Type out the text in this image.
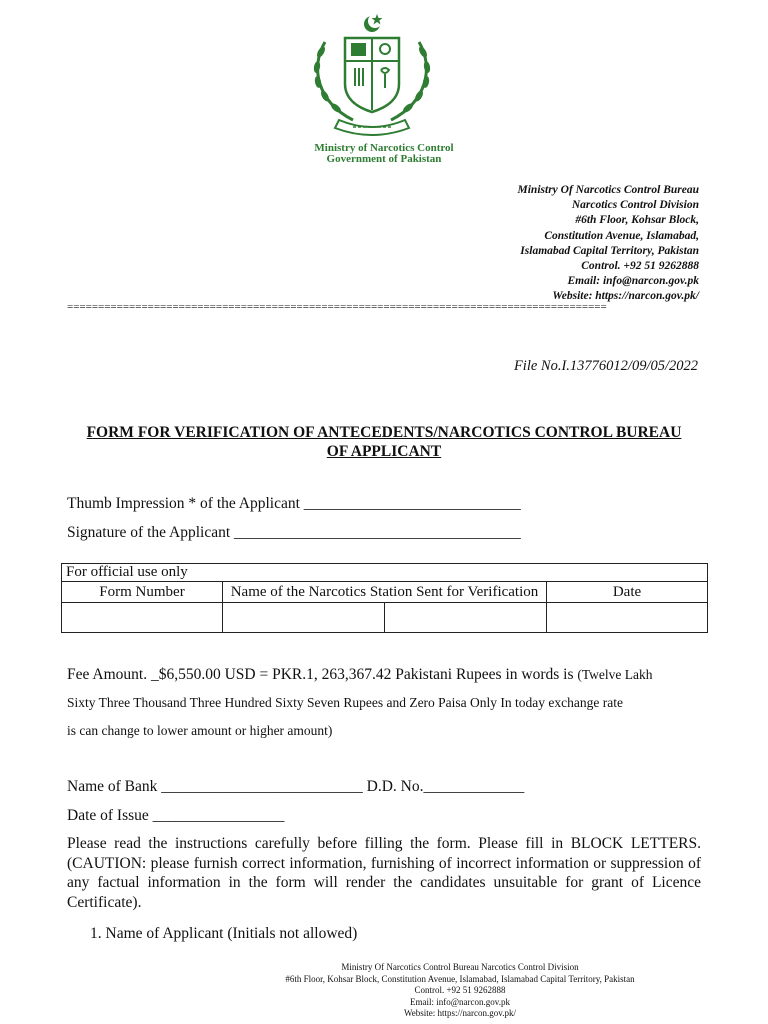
Ministry of Narcotics Control
Government of Pakistan
Ministry Of Narcotics Control Bureau
Narcotics Control Division
#6th Floor, Kohsar Block,
Constitution Avenue, Islamabad,
Islamabad Capital Territory, Pakistan
Control. +92 51 9262888
Email: info@narcon.gov.pk
Website: https://narcon.gov.pk/
=======================================================================================
File No.I.13776012/09/05/2022
FORM FOR VERIFICATION OF ANTECEDENTS/NARCOTICS CONTROL BUREAU
OF APPLICANT
Thumb Impression * of the Applicant ____________________________
Signature of the Applicant _____________________________________
For official use only			
Form Number	Name of the Narcotics Station Sent for Verification		Date

Fee Amount. _$6,550.00 USD = PKR.1, 263,367.42 Pakistani Rupees in words is (Twelve Lakh
Sixty Three Thousand Three Hundred Sixty Seven Rupees and Zero Paisa Only In today exchange rate
is can change to lower amount or higher amount)
Name of Bank __________________________ D.D. No._____________
Date of Issue _________________
Please read the instructions carefully before filling the form. Please fill in BLOCK LETTERS. (CAUTION: please furnish correct information, furnishing of incorrect information or suppression of any factual information in the form will render the candidates unsuitable for grant of Licence Certificate).
1. Name of Applicant (Initials not allowed)
Ministry Of Narcotics Control Bureau Narcotics Control Division
#6th Floor, Kohsar Block, Constitution Avenue, Islamabad, Islamabad Capital Territory, Pakistan
Control. +92 51 9262888
Email: info@narcon.gov.pk
Website: https://narcon.gov.pk/
